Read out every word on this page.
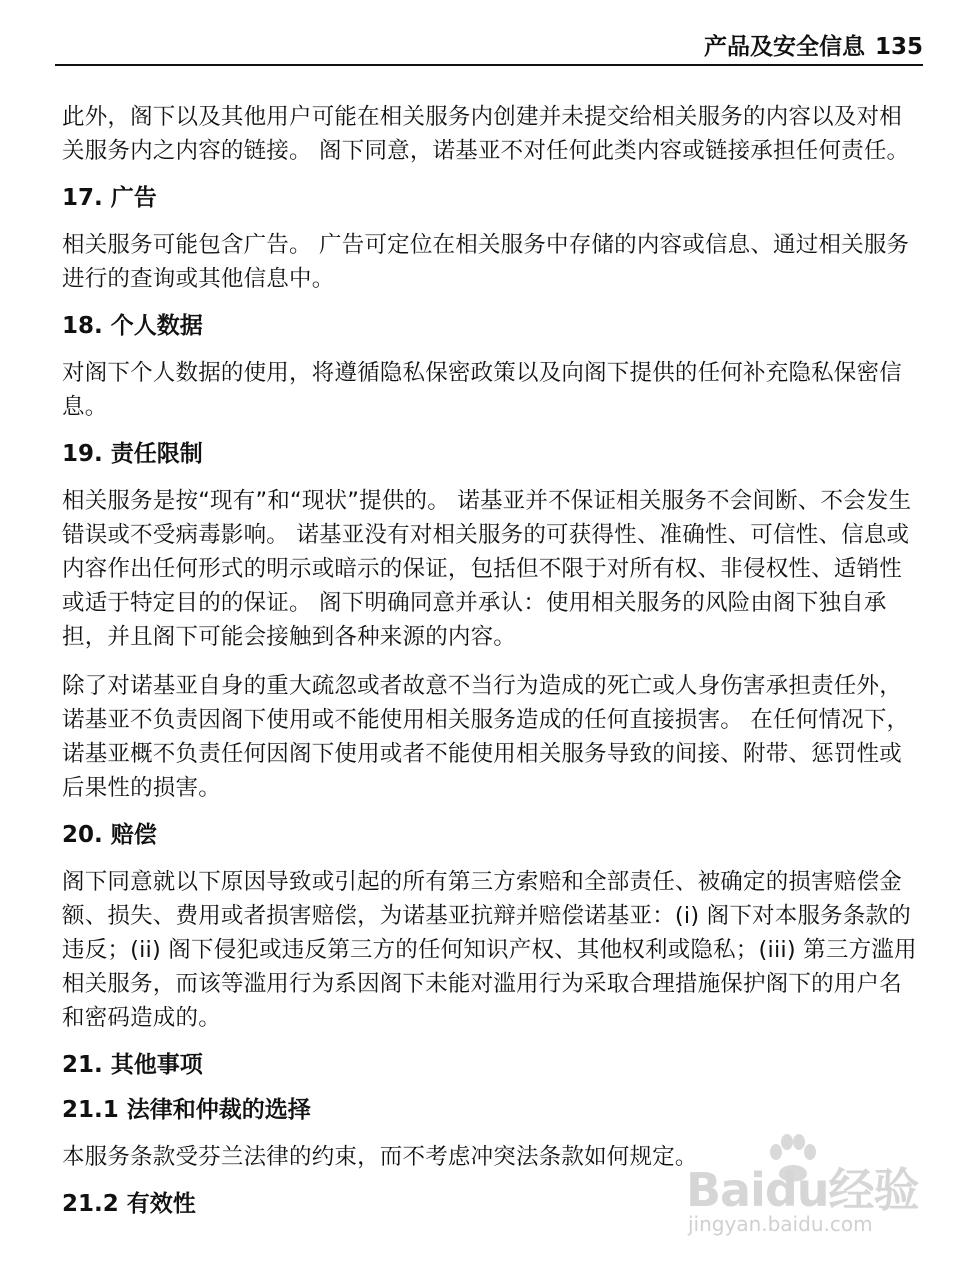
产品及安全信息 135

此外，阁下以及其他用户可能在相关服务内创建并未提交给相关服务的内容以及对相关服务内之内容的链接。 阁下同意，诺基亚不对任何此类内容或链接承担任何责任。

17. 广告

相关服务可能包含广告。 广告可定位在相关服务中存储的内容或信息、通过相关服务进行的查询或其他信息中。

18. 个人数据

对阁下个人数据的使用，将遵循隐私保密政策以及向阁下提供的任何补充隐私保密信息。

19. 责任限制

相关服务是按“现有”和“现状”提供的。 诺基亚并不保证相关服务不会间断、不会发生错误或不受病毒影响。 诺基亚没有对相关服务的可获得性、准确性、可信性、信息或内容作出任何形式的明示或暗示的保证，包括但不限于对所有权、非侵权性、适销性或适于特定目的的保证。 阁下明确同意并承认：使用相关服务的风险由阁下独自承担，并且阁下可能会接触到各种来源的内容。

除了对诺基亚自身的重大疏忽或者故意不当行为造成的死亡或人身伤害承担责任外，诺基亚不负责因阁下使用或不能使用相关服务造成的任何直接损害。 在任何情况下，诺基亚概不负责任何因阁下使用或者不能使用相关服务导致的间接、附带、惩罚性或后果性的损害。

20. 赔偿

阁下同意就以下原因导致或引起的所有第三方索赔和全部责任、被确定的损害赔偿金额、损失、费用或者损害赔偿，为诺基亚抗辩并赔偿诺基亚：(i) 阁下对本服务条款的违反；(ii) 阁下侵犯或违反第三方的任何知识产权、其他权利或隐私；(iii) 第三方滥用相关服务，而该等滥用行为系因阁下未能对滥用行为采取合理措施保护阁下的用户名和密码造成的。

21. 其他事项
21.1 法律和仲裁的选择

本服务条款受芬兰法律的约束，而不考虑冲突法条款如何规定。

21.2 有效性	Baidu经验
jingyan.baidu.com
